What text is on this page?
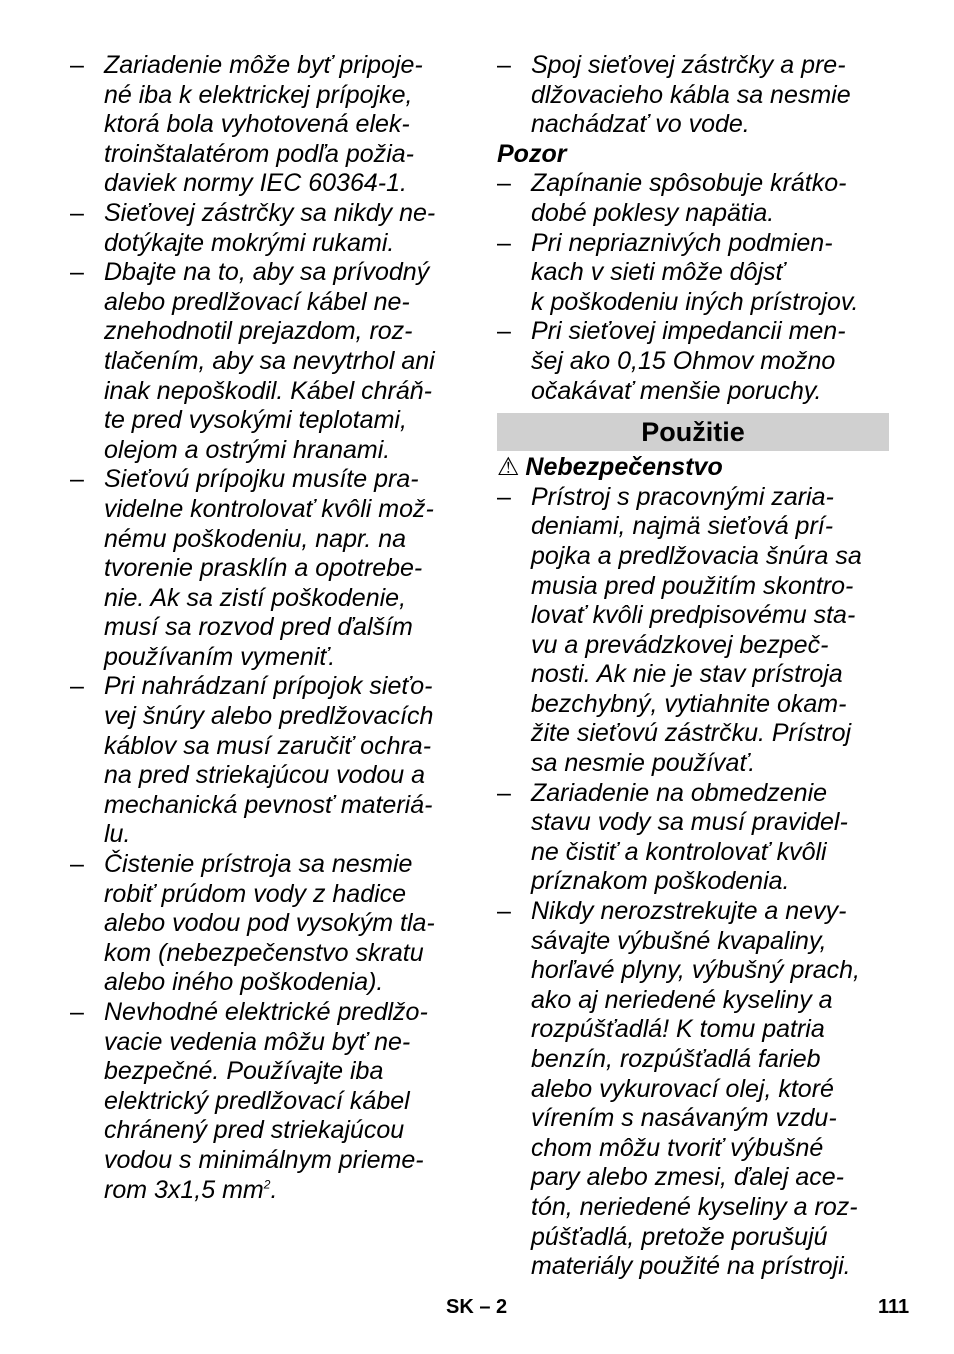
– Zariadenie môže byť pripoje-
né iba k elektrickej prípojke,
ktorá bola vyhotovená elek-
troinštalatérom podľa požia-
daviek normy IEC 60364-1.
– Sieťovej zástrčky sa nikdy ne-
dotýkajte mokrými rukami.
– Dbajte na to, aby sa prívodný
alebo predlžovací kábel ne-
znehodnotil prejazdom, roz-
tlačením, aby sa nevytrhol ani
inak nepoškodil. Kábel chráň-
te pred vysokými teplotami,
olejom a ostrými hranami.
– Sieťovú prípojku musíte pra-
videlne kontrolovať kvôli mož-
nému poškodeniu, napr. na
tvorenie prasklín a opotrebe-
nie. Ak sa zistí poškodenie,
musí sa rozvod pred ďalším
používaním vymeniť.
– Pri nahrádzaní prípojok sieťo-
vej šnúry alebo predlžovacích
káblov sa musí zaručiť ochra-
na pred striekajúcou vodou a
mechanická pevnosť materiá-
lu.
– Čistenie prístroja sa nesmie
robiť prúdom vody z hadice
alebo vodou pod vysokým tla-
kom (nebezpečenstvo skratu
alebo iného poškodenia).
– Nevhodné elektrické predlžo-
vacie vedenia môžu byť ne-
bezpečné. Používajte iba
elektrický predlžovací kábel
chránený pred striekajúcou
vodou s minimálnym prieme-
rom 3x1,5 $mm^2$.
– Spoj sieťovej zástrčky a pre-
dlžovacieho kábla sa nesmie
nachádzať vo vode.
Pozor
– Zapínanie spôsobuje krátko-
dobé poklesy napätia.
– Pri nepriaznivých podmien-
kach v sieti môže dôjsť
k poškodeniu iných prístrojov.
– Pri sieťovej impedancii men-
šej ako 0,15 Ohmov možno
očakávať menšie poruchy.
Použitie
⚠ Nebezpečenstvo
– Prístroj s pracovnými zaria-
deniami, najmä sieťová prí-
pojka a predlžovacia šnúra sa
musia pred použitím skontro-
lovať kvôli predpisovému sta-
vu a prevádzkovej bezpeč-
nosti. Ak nie je stav prístroja
bezchybný, vytiahnite okam-
žite sieťovú zástrčku. Prístroj
sa nesmie používať.
– Zariadenie na obmedzenie
stavu vody sa musí pravidel-
ne čistiť a kontrolovať kvôli
príznakom poškodenia.
– Nikdy nerozstrekujte a nevy-
sávajte výbušné kvapaliny,
horľavé plyny, výbušný prach,
ako aj neriedené kyseliny a
rozpúšťadlá! K tomu patria
benzín, rozpúšťadlá farieb
alebo vykurovací olej, ktoré
vírením s nasávaným vzdu-
chom môžu tvoriť výbušné
pary alebo zmesi, ďalej ace-
tón, neriedené kyseliny a roz-
púšťadlá, pretože porušujú
materiály použité na prístroji.
SK – 2	111
